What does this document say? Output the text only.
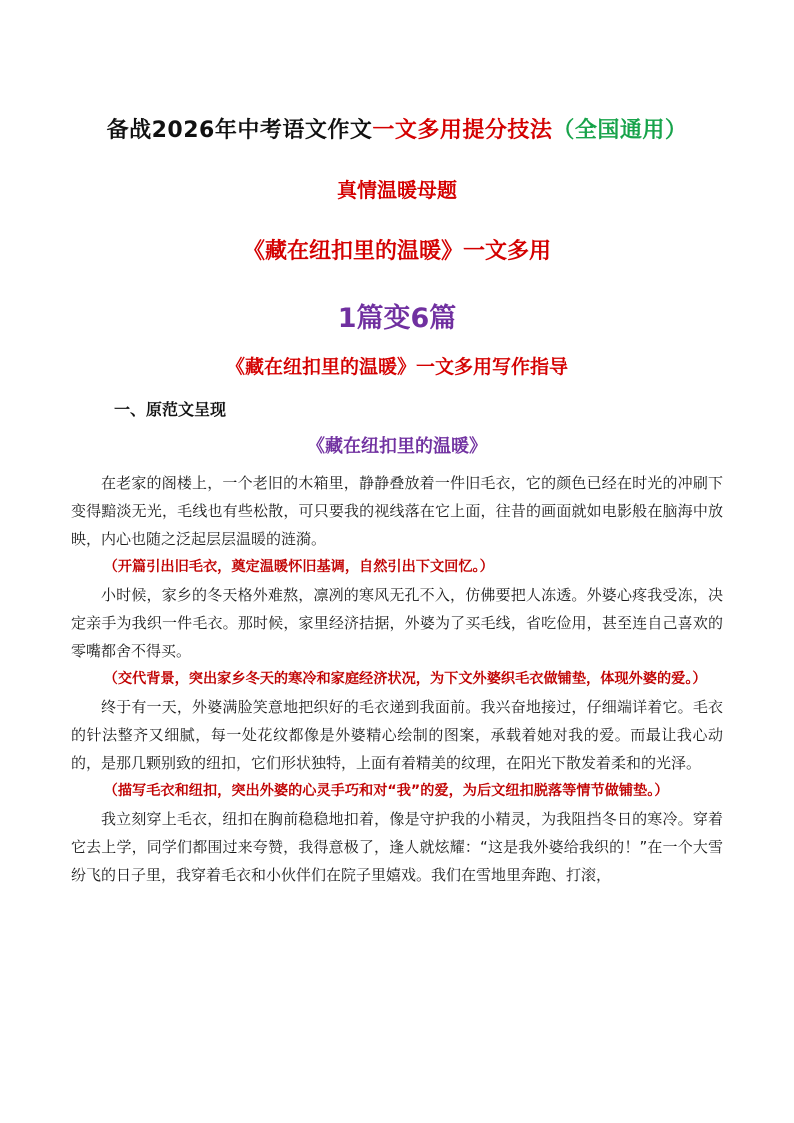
备战2026年中考语文作文一文多用提分技法（全国通用）
真情温暖母题
《藏在纽扣里的温暖》一文多用
1篇变6篇
《藏在纽扣里的温暖》一文多用写作指导
一、原范文呈现
《藏在纽扣里的温暖》

在老家的阁楼上，一个老旧的木箱里，静静叠放着一件旧毛衣，它的颜色已经在时光的冲刷下变得黯淡无光，毛线也有些松散，可只要我的视线落在它上面，往昔的画面就如电影般在脑海中放映，内心也随之泛起层层温暖的涟漪。

（开篇引出旧毛衣，奠定温暖怀旧基调，自然引出下文回忆。）

小时候，家乡的冬天格外难熬，凛冽的寒风无孔不入，仿佛要把人冻透。外婆心疼我受冻，决定亲手为我织一件毛衣。那时候，家里经济拮据，外婆为了买毛线，省吃俭用，甚至连自己喜欢的零嘴都舍不得买。

（交代背景，突出家乡冬天的寒冷和家庭经济状况，为下文外婆织毛衣做铺垫，体现外婆的爱。）

终于有一天，外婆满脸笑意地把织好的毛衣递到我面前。我兴奋地接过，仔细端详着它。毛衣的针法整齐又细腻，每一处花纹都像是外婆精心绘制的图案，承载着她对我的爱。而最让我心动的，是那几颗别致的纽扣，它们形状独特，上面有着精美的纹理，在阳光下散发着柔和的光泽。

（描写毛衣和纽扣，突出外婆的心灵手巧和对“我”的爱，为后文纽扣脱落等情节做铺垫。）

我立刻穿上毛衣，纽扣在胸前稳稳地扣着，像是守护我的小精灵，为我阻挡冬日的寒冷。穿着它去上学，同学们都围过来夸赞，我得意极了，逢人就炫耀：“这是我外婆给我织的！”在一个大雪纷飞的日子里，我穿着毛衣和小伙伴们在院子里嬉戏。我们在雪地里奔跑、打滚，
